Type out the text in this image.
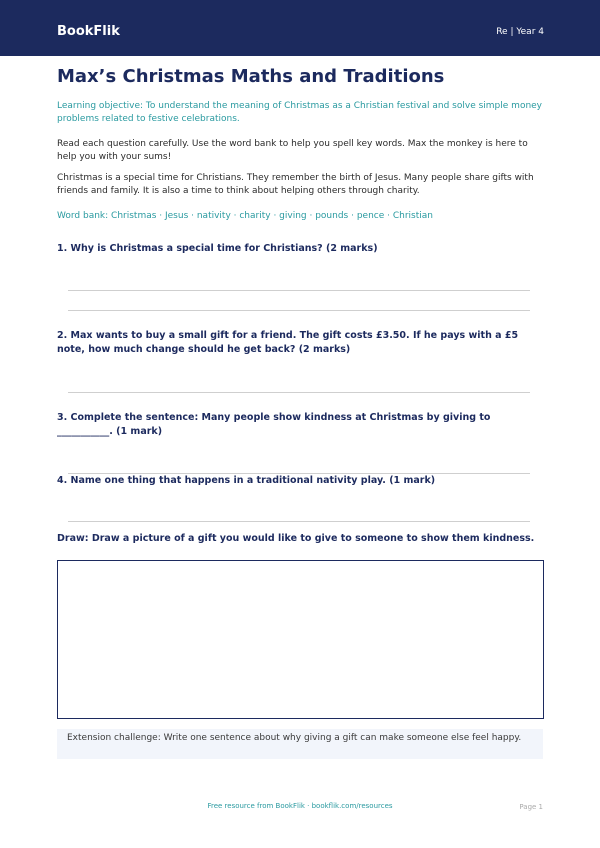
BookFlik	Re | Year 4
Max’s Christmas Maths and Traditions

Learning objective: To understand the meaning of Christmas as a Christian festival and solve simple money problems related to festive celebrations.

Read each question carefully. Use the word bank to help you spell key words. Max the monkey is here to help you with your sums!

Christmas is a special time for Christians. They remember the birth of Jesus. Many people share gifts with friends and family. It is also a time to think about helping others through charity.

Word bank: Christmas · Jesus · nativity · charity · giving · pounds · pence · Christian

1. Why is Christmas a special time for Christians? (2 marks)

2. Max wants to buy a small gift for a friend. The gift costs £3.50. If he pays with a £5 note, how much change should he get back? (2 marks)

3. Complete the sentence: Many people show kindness at Christmas by giving to ___________. (1 mark)

4. Name one thing that happens in a traditional nativity play. (1 mark)

Draw: Draw a picture of a gift you would like to give to someone to show them kindness.

Extension challenge: Write one sentence about why giving a gift can make someone else feel happy.
Free resource from BookFlik · bookflik.com/resources	Page 1
